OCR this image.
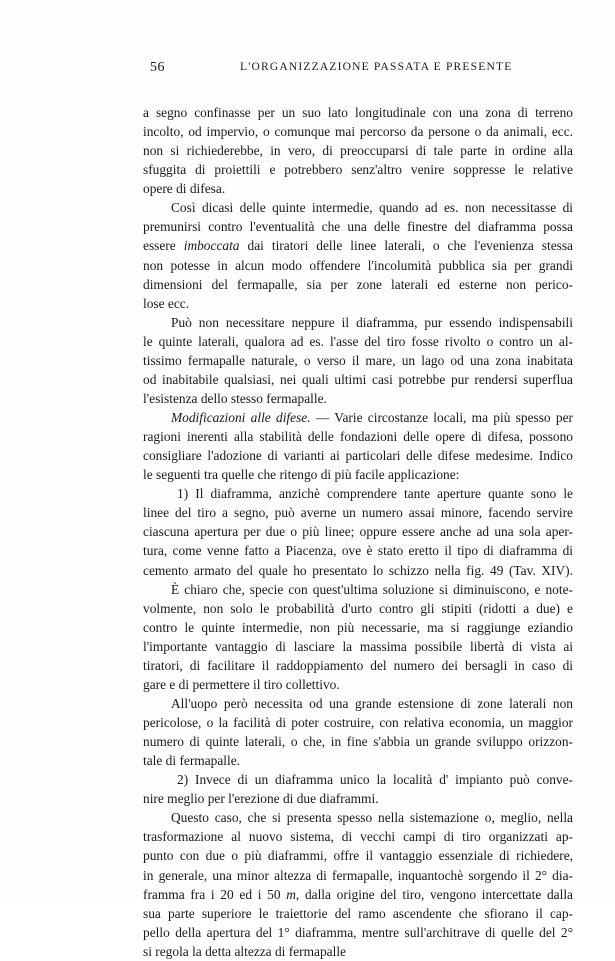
56	L'ORGANIZZAZIONE PASSATA E PRESENTE
a segno confinasse per un suo lato longitudinale con una zona di terreno
incolto, od impervio, o comunque mai percorso da persone o da animali, ecc.
non si richiederebbe, in vero, di preoccuparsi di tale parte in ordine alla
sfuggita di proiettili e potrebbero senz'altro venire soppresse le relative
opere di difesa.
Così dicasi delle quinte intermedie, quando ad es. non necessitasse di
premunirsi contro l'eventualità che una delle finestre del diaframma possa
essere imboccata dai tiratori delle linee laterali, o che l'evenienza stessa
non potesse in alcun modo offendere l'incolumità pubblica sia per grandi
dimensioni del fermapalle, sia per zone laterali ed esterne non perico-
lose ecc.
Può non necessitare neppure il diaframma, pur essendo indispensabili
le quinte laterali, qualora ad es. l'asse del tiro fosse rivolto o contro un al-
tissimo fermapalle naturale, o verso il mare, un lago od una zona inabitata
od inabitabile qualsiasi, nei quali ultimi casi potrebbe pur rendersi superflua
l'esistenza dello stesso fermapalle.
Modificazioni alle difese. — Varie circostanze locali, ma più spesso per
ragioni inerenti alla stabilità delle fondazioni delle opere di difesa, possono
consigliare l'adozione di varianti ai particolari delle difese medesime. Indico
le seguenti tra quelle che ritengo di più facile applicazione:
1) Il diaframma, anzichè comprendere tante aperture quante sono le
linee del tiro a segno, può averne un numero assai minore, facendo servire
ciascuna apertura per due o più linee; oppure essere anche ad una sola aper-
tura, come venne fatto a Piacenza, ove è stato eretto il tipo di diaframma di
cemento armato del quale ho presentato lo schizzo nella fig. 49 (Tav. XIV).
È chiaro che, specie con quest'ultima soluzione si diminuiscono, e note-
volmente, non solo le probabilità d'urto contro gli stipiti (ridotti a due) e
contro le quinte intermedie, non più necessarie, ma si raggiunge eziandio
l'importante vantaggio di lasciare la massima possibile libertà di vista ai
tiratori, di facilitare il raddoppiamento del numero dei bersagli in caso di
gare e di permettere il tiro collettivo.
All'uopo però necessita od una grande estensione di zone laterali non
pericolose, o la facilità di poter costruire, con relativa economia, un maggior
numero di quinte laterali, o che, in fine s'abbia un grande sviluppo orizzon-
tale di fermapalle.
2) Invece di un diaframma unico la località d' impianto può conve-
nire meglio per l'erezione di due diaframmi.
Questo caso, che si presenta spesso nella sistemazione o, meglio, nella
trasformazione al nuovo sistema, di vecchi campi di tiro organizzati ap-
punto con due o più diaframmi, offre il vantaggio essenziale di richiedere,
in generale, una minor altezza di fermapalle, inquantochè sorgendo il 2° dia-
framma fra i 20 ed i 50 m, dalla origine del tiro, vengono intercettate dalla
sua parte superiore le traiettorie del ramo ascendente che sfiorano il cap-
pello della apertura del 1° diaframma, mentre sull'architrave di quelle del 2°
si regola la detta altezza di fermapalle
